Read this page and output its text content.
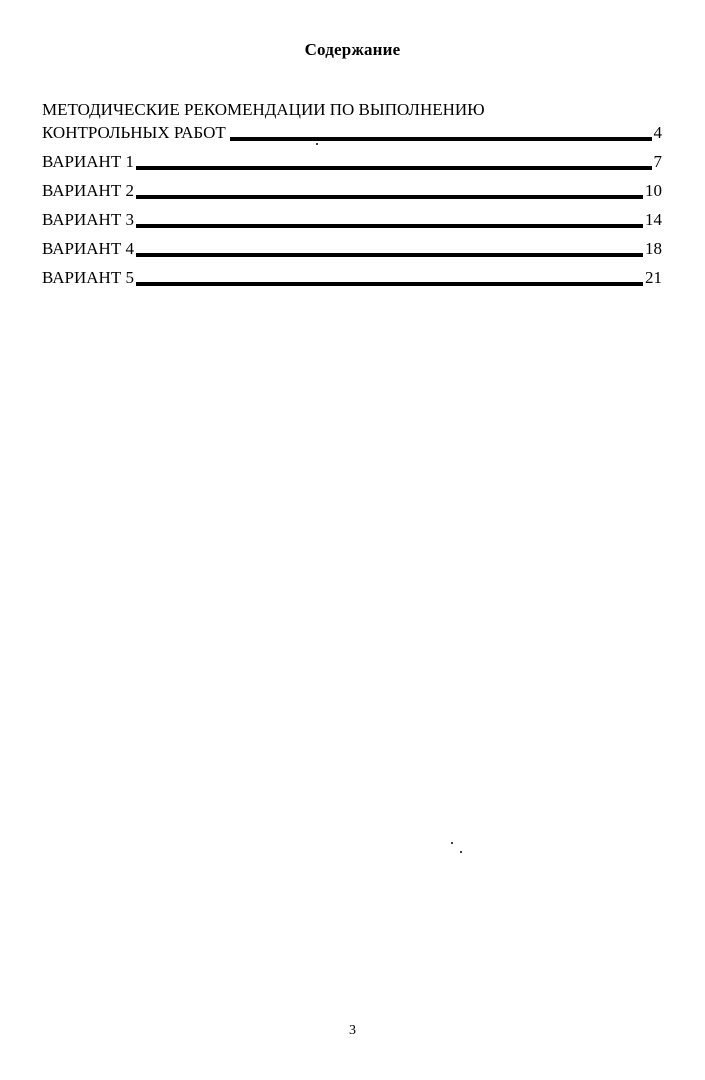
Содержание
МЕТОДИЧЕСКИЕ РЕКОМЕНДАЦИИ ПО ВЫПОЛНЕНИЮ
КОНТРОЛЬНЫХ РАБОТ	4
ВАРИАНТ 1	7
ВАРИАНТ 2	10
ВАРИАНТ 3	14
ВАРИАНТ 4	18
ВАРИАНТ 5	21
3
